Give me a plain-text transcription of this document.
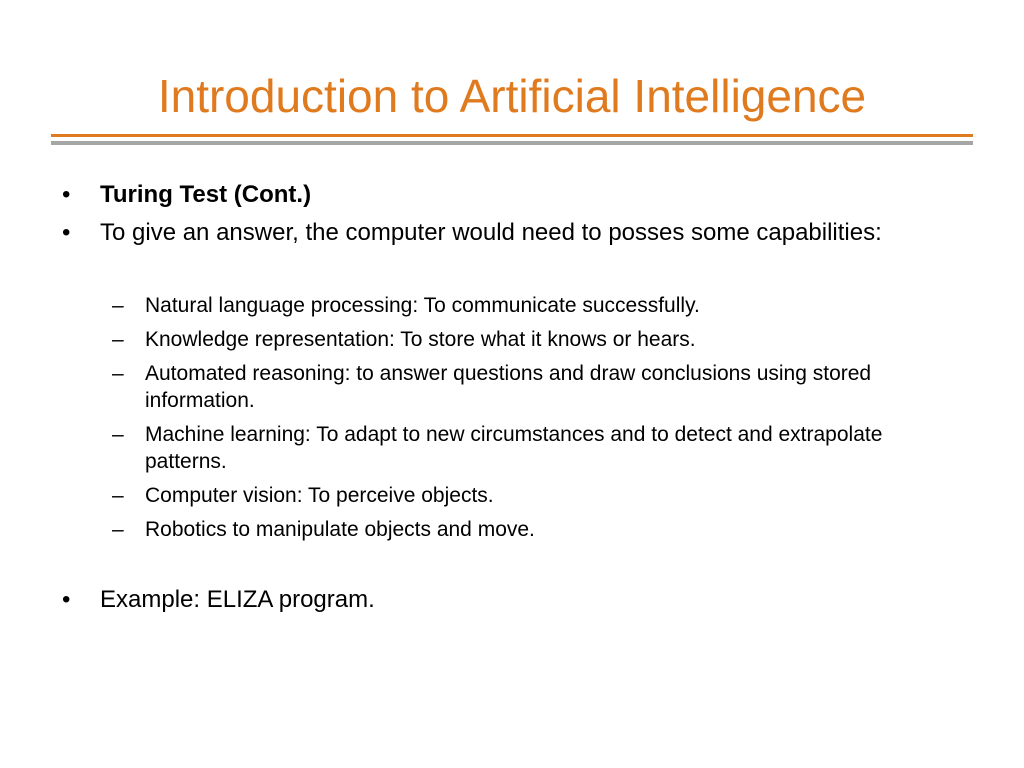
Introduction to Artificial Intelligence
• Turing Test (Cont.)
• To give an answer, the computer would need to posses some capabilities:
– Natural language processing: To communicate successfully.
– Knowledge representation: To store what it knows or hears.
– Automated reasoning: to answer questions and draw conclusions using stored information.
– Machine learning: To adapt to new circumstances and to detect and extrapolate patterns.
– Computer vision: To perceive objects.
– Robotics to manipulate objects and move.
• Example: ELIZA program.
